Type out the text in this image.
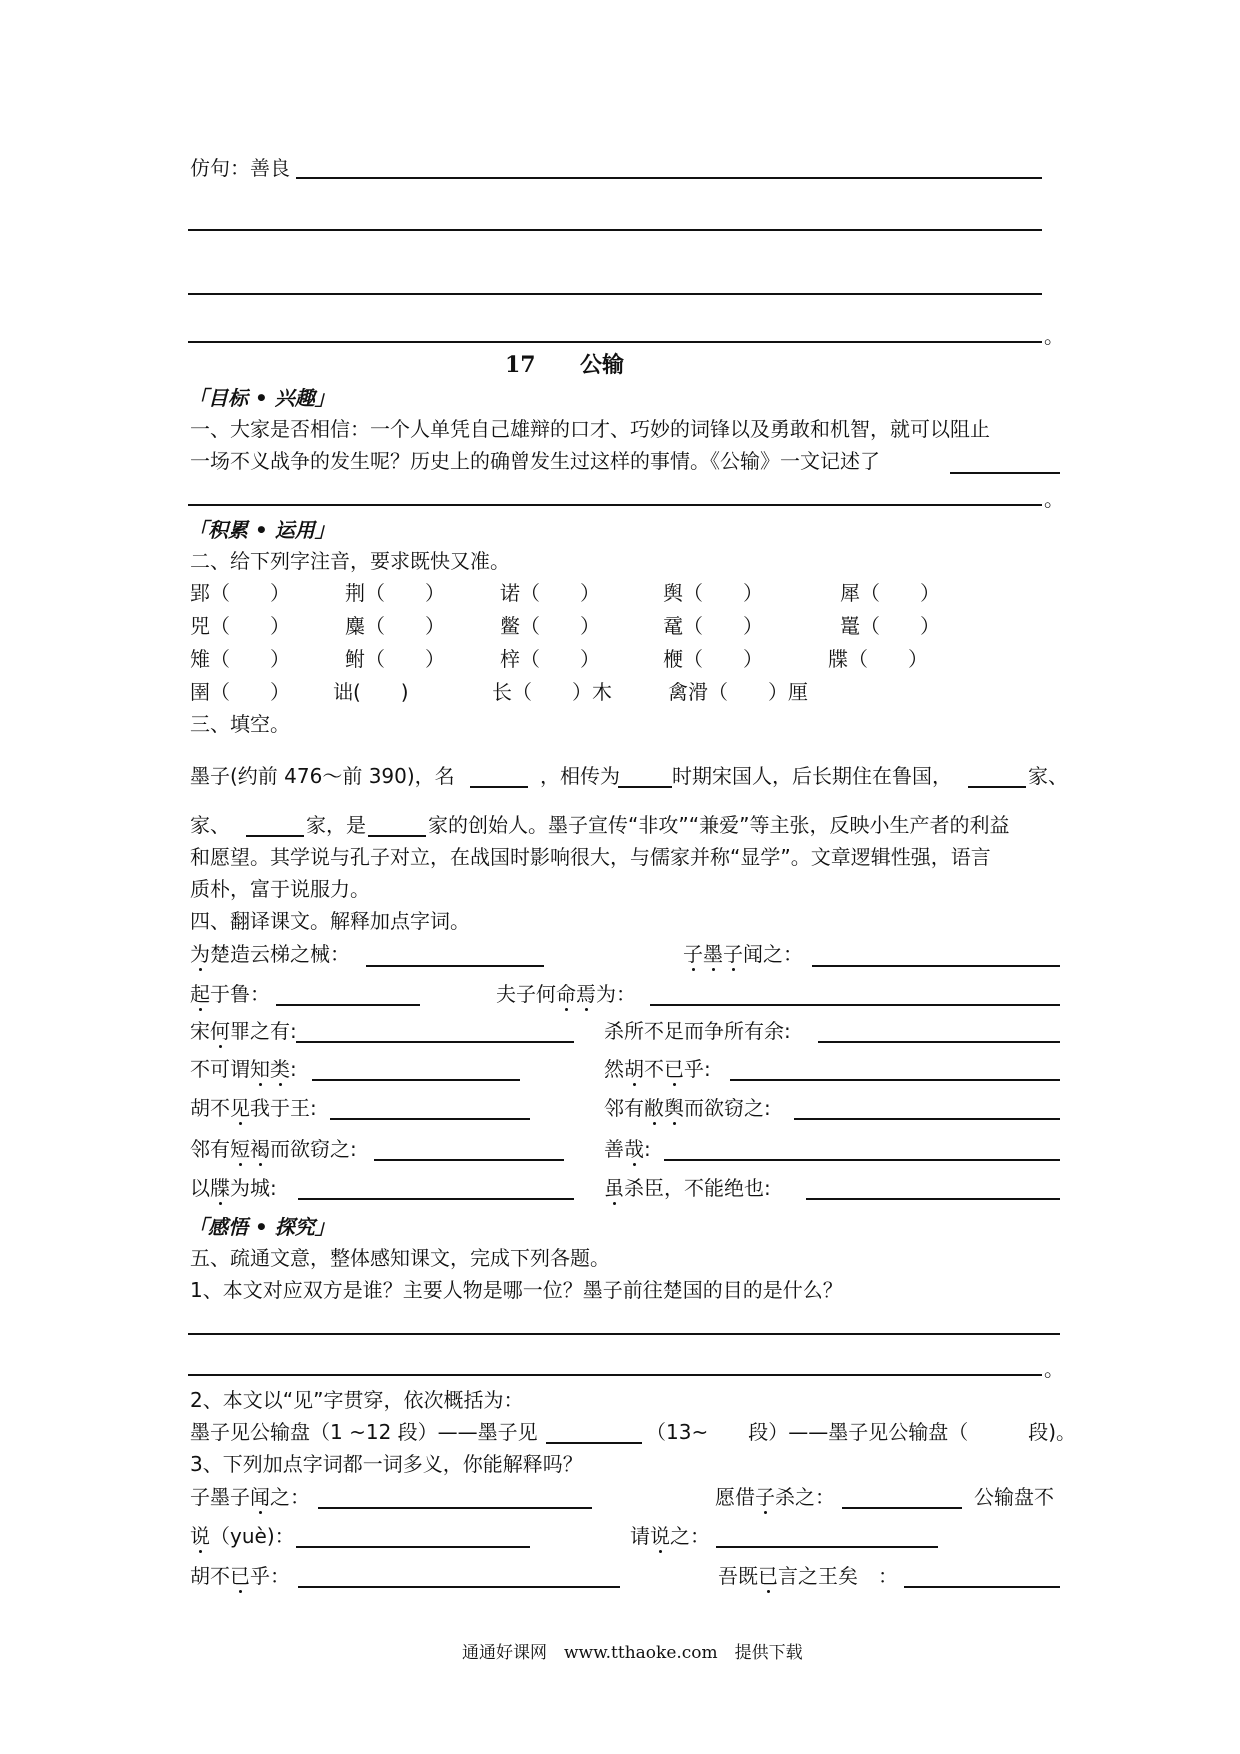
仿句：善良
。
17 公输
「目标 • 兴趣」
一、大家是否相信：一个人单凭自己雄辩的口才、巧妙的词锋以及勇敢和机智，就可以阻止
一场不义战争的发生呢？历史上的确曾发生过这样的事情。《公输》一文记述了
。
「积累 • 运用」
二、给下列字注音，要求既快又准。
郢（　　）	荆（　　）	诺（　　）	舆（　　）	犀（　　）
兕（　　）	麋（　　）	鳖（　　）	鼋（　　）	鼍（　　）
雉（　　）	鲋（　　）	梓（　　）	楩（　　）	牒（　　）
圉（　　） 诎(　　)	长（　　）木	禽滑（　　）厘
三、填空。
墨子(约前 476～前 390)，名	，相传为	时期宋国人，后长期住在鲁国，	家、
家、	家，是	家的创始人。墨子宣传“非攻”“兼爱”等主张，反映小生产者的利益
和愿望。其学说与孔子对立，在战国时影响很大，与儒家并称“显学”。文章逻辑性强，语言
质朴，富于说服力。
四、翻译课文。解释加点字词。
为楚造云梯之械：	子墨子闻之：
起于鲁：	夫子何命焉为：
宋何罪之有:	杀所不足而争所有余:
不可谓知类:	然胡不已乎:
胡不见我于王:	邻有敝舆而欲窃之:
邻有短褐而欲窃之:	善哉:
以牒为城:	虽杀臣，不能绝也:
「感悟 • 探究」
五、疏通文意，整体感知课文，完成下列各题。
1、本文对应双方是谁？主要人物是哪一位？墨子前往楚国的目的是什么？
。
2、本文以“见”字贯穿，依次概括为：
墨子见公输盘（1 ~12 段）——墨子见	（13~　　段）——墨子见公输盘（　　　段)。
3、下列加点字词都一词多义，你能解释吗？
子墨子闻之：	愿借子杀之：	公输盘不
说（yuè)：	请说之：
胡不已乎：	吾既已言之王矣　：
通通好课网　www.tthaoke.com　提供下载
